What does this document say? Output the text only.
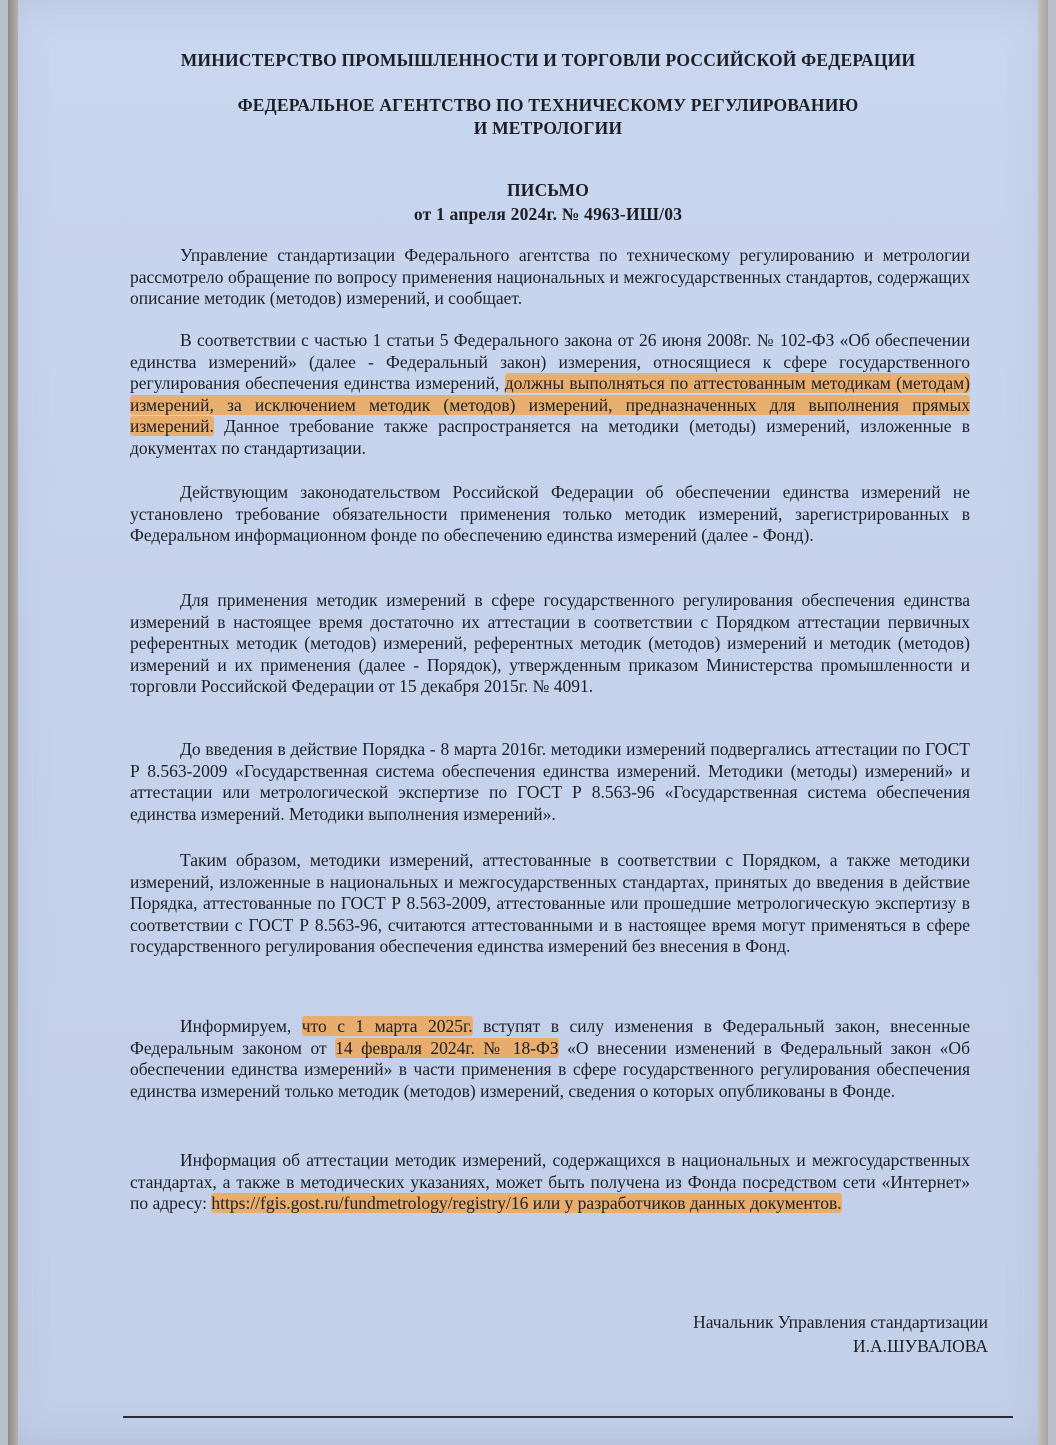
МИНИСТЕРСТВО ПРОМЫШЛЕННОСТИ И ТОРГОВЛИ РОССИЙСКОЙ ФЕДЕРАЦИИ
ФЕДЕРАЛЬНОЕ АГЕНТСТВО ПО ТЕХНИЧЕСКОМУ РЕГУЛИРОВАНИЮ
И МЕТРОЛОГИИ
ПИСЬМО
от 1 апреля 2024г. № 4963-ИШ/03
Управление стандартизации Федерального агентства по техническому регулированию и метрологии рассмотрело обращение по вопросу применения национальных и межгосударственных стандартов, содержащих описание методик (методов) измерений, и сообщает.
В соответствии с частью 1 статьи 5 Федерального закона от 26 июня 2008г. № 102-ФЗ «Об обеспечении единства измерений» (далее - Федеральный закон) измерения, относящиеся к сфере государственного регулирования обеспечения единства измерений, должны выполняться по аттестованным методикам (методам) измерений, за исключением методик (методов) измерений, предназначенных для выполнения прямых измерений. Данное требование также распространяется на методики (методы) измерений, изложенные в документах по стандартизации.
Действующим законодательством Российской Федерации об обеспечении единства измерений не установлено требование обязательности применения только методик измерений, зарегистрированных в Федеральном информационном фонде по обеспечению единства измерений (далее - Фонд).
Для применения методик измерений в сфере государственного регулирования обеспечения единства измерений в настоящее время достаточно их аттестации в соответствии с Порядком аттестации первичных референтных методик (методов) измерений, референтных методик (методов) измерений и методик (методов) измерений и их применения (далее - Порядок), утвержденным приказом Министерства промышленности и торговли Российской Федерации от 15 декабря 2015г. № 4091.
До введения в действие Порядка - 8 марта 2016г. методики измерений подвергались аттестации по ГОСТ Р 8.563-2009 «Государственная система обеспечения единства измерений. Методики (методы) измерений» и аттестации или метрологической экспертизе по ГОСТ Р 8.563-96 «Государственная система обеспечения единства измерений. Методики выполнения измерений».
Таким образом, методики измерений, аттестованные в соответствии с Порядком, а также методики измерений, изложенные в национальных и межгосударственных стандартах, принятых до введения в действие Порядка, аттестованные по ГОСТ Р 8.563-2009, аттестованные или прошедшие метрологическую экспертизу в соответствии с ГОСТ Р 8.563-96, считаются аттестованными и в настоящее время могут применяться в сфере государственного регулирования обеспечения единства измерений без внесения в Фонд.
Информируем, что с 1 марта 2025г. вступят в силу изменения в Федеральный закон, внесенные Федеральным законом от 14 февраля 2024г. № 18-ФЗ «О внесении изменений в Федеральный закон «Об обеспечении единства измерений» в части применения в сфере государственного регулирования обеспечения единства измерений только методик (методов) измерений, сведения о которых опубликованы в Фонде.
Информация об аттестации методик измерений, содержащихся в национальных и межгосударственных стандартах, а также в методических указаниях, может быть получена из Фонда посредством сети «Интернет» по адресу: https://fgis.gost.ru/fundmetrology/registry/16 или у разработчиков данных документов.
Начальник Управления стандартизации
И.А.ШУВАЛОВА
